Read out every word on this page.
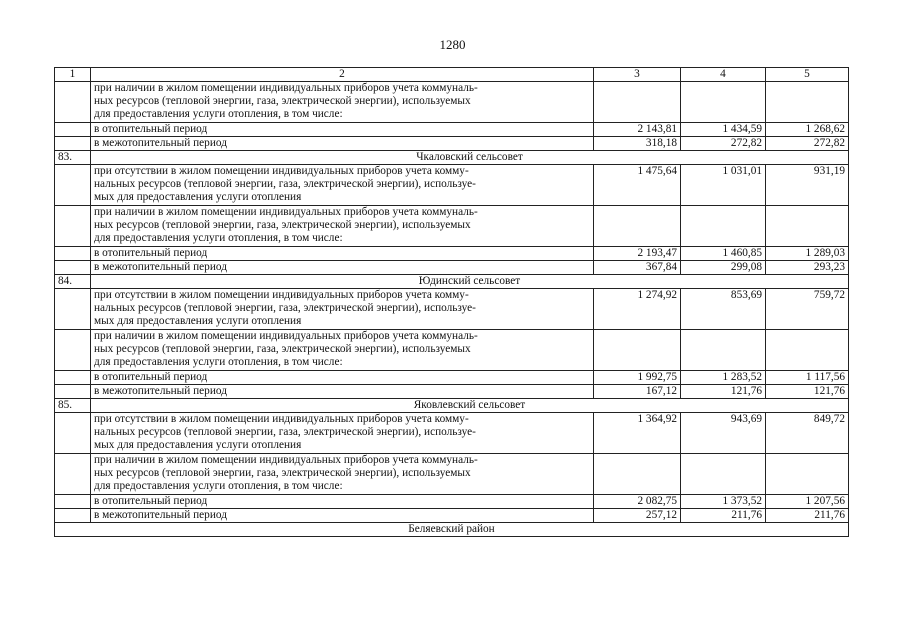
1280
1	2	3	4	5

	при наличии в жилом помещении индивидуальных приборов учета коммуналь-
ных ресурсов (тепловой энергии, газа, электрической энергии), используемых
для предоставления услуги отопления, в том числе:			

	в отопительный период	2 143,81	1 434,59	1 268,62
	в межотопительный период	318,18	272,82	272,82
83.	Чкаловский сельсовет			

	при отсутствии в жилом помещении индивидуальных приборов учета комму-
нальных ресурсов (тепловой энергии, газа, электрической энергии), используе-
мых для предоставления услуги отопления	1 475,64	1 031,01	931,19

	при наличии в жилом помещении индивидуальных приборов учета коммуналь-
ных ресурсов (тепловой энергии, газа, электрической энергии), используемых
для предоставления услуги отопления, в том числе:			

	в отопительный период	2 193,47	1 460,85	1 289,03
	в межотопительный период	367,84	299,08	293,23
84.	Юдинский сельсовет			

	при отсутствии в жилом помещении индивидуальных приборов учета комму-
нальных ресурсов (тепловой энергии, газа, электрической энергии), используе-
мых для предоставления услуги отопления	1 274,92	853,69	759,72

	при наличии в жилом помещении индивидуальных приборов учета коммуналь-
ных ресурсов (тепловой энергии, газа, электрической энергии), используемых
для предоставления услуги отопления, в том числе:			

	в отопительный период	1 992,75	1 283,52	1 117,56
	в межотопительный период	167,12	121,76	121,76
85.	Яковлевский сельсовет			

	при отсутствии в жилом помещении индивидуальных приборов учета комму-
нальных ресурсов (тепловой энергии, газа, электрической энергии), используе-
мых для предоставления услуги отопления	1 364,92	943,69	849,72

	при наличии в жилом помещении индивидуальных приборов учета коммуналь-
ных ресурсов (тепловой энергии, газа, электрической энергии), используемых
для предоставления услуги отопления, в том числе:			

	в отопительный период	2 082,75	1 373,52	1 207,56
	в межотопительный период	257,12	211,76	211,76
Беляевский район				
